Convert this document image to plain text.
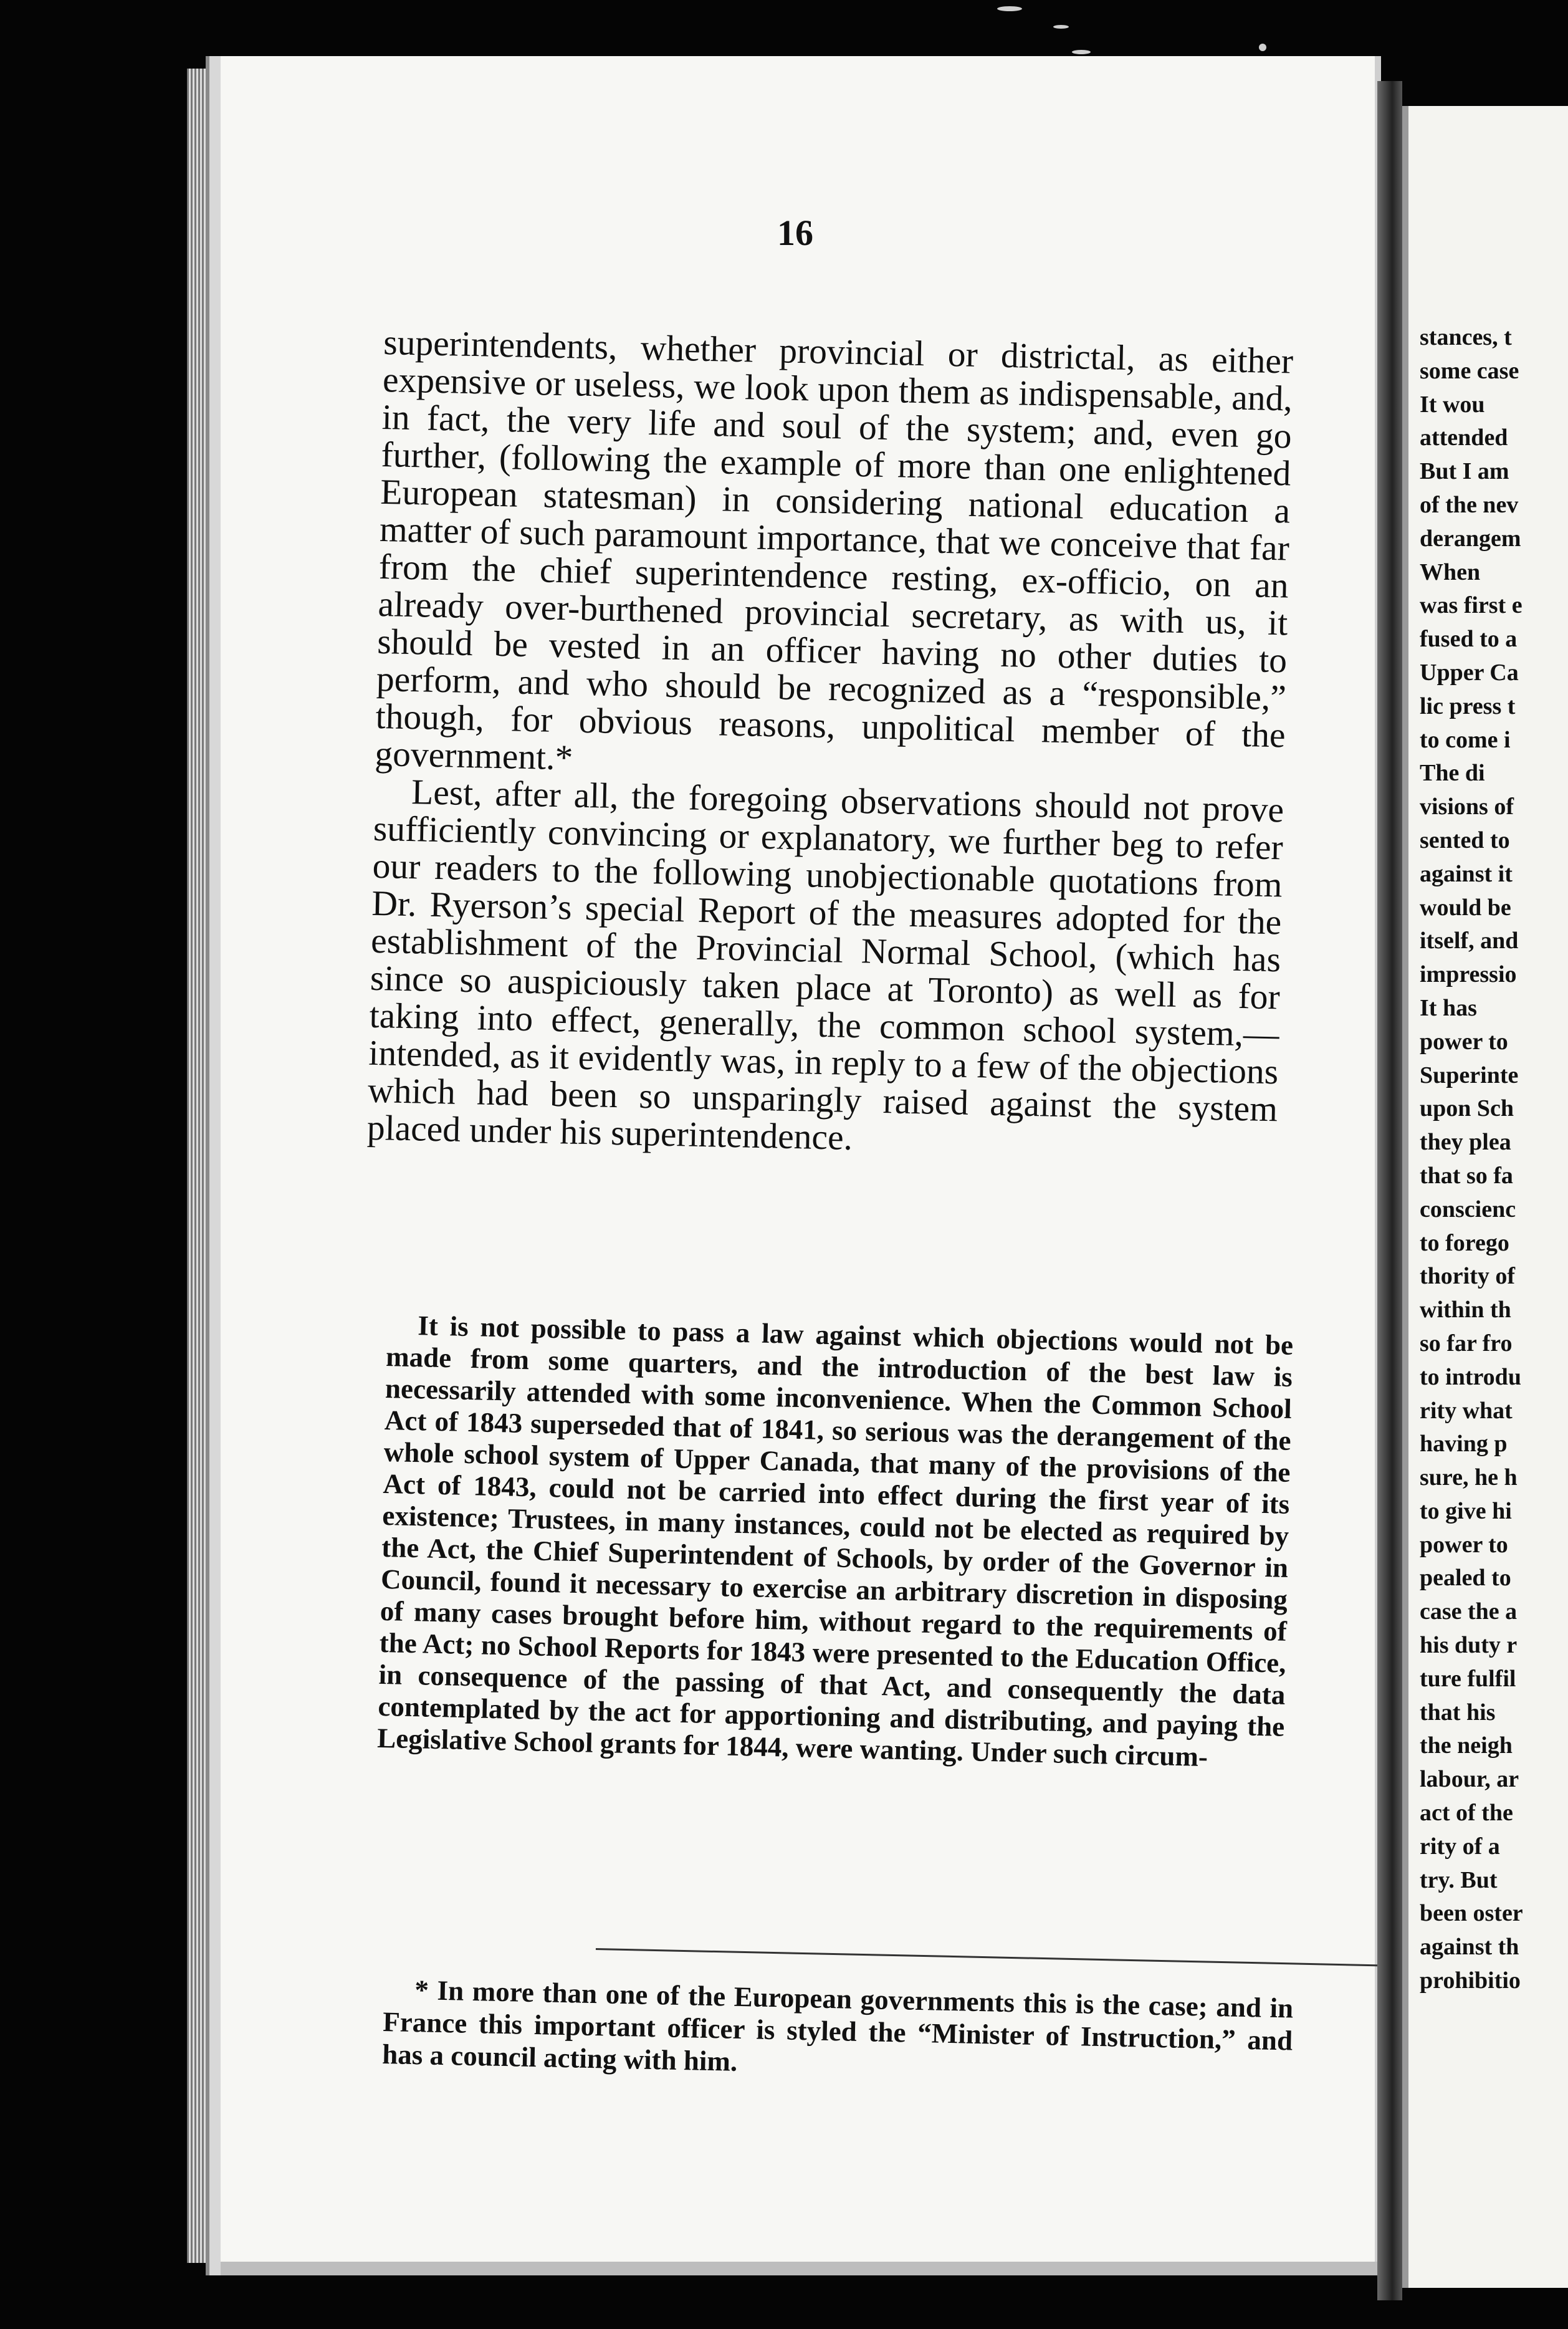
16

superintendents, whether provincial or districtal, as either expensive or useless, we look upon them as indispensable, and, in fact, the very life and soul of the system; and, even go further, (following the example of more than one enlightened European statesman) in considering national education a matter of such paramount importance, that we conceive that far from the chief superintendence resting, ex-officio, on an already over-burthened provincial secretary, as with us, it should be vested in an officer having no other duties to perform, and who should be recognized as a “responsible,” though, for obvious reasons, unpolitical member of the government.*

Lest, after all, the foregoing observations should not prove sufficiently convincing or explanatory, we further beg to refer our readers to the following unobjectionable quotations from Dr. Ryerson’s special Report of the measures adopted for the establishment of the Provincial Normal School, (which has since so auspiciously taken place at Toronto) as well as for taking into effect, generally, the common school system,—intended, as it evidently was, in reply to a few of the objections which had been so unsparingly raised against the system placed under his superintendence.

It is not possible to pass a law against which objections would not be made from some quarters, and the introduction of the best law is necessarily attended with some inconvenience. When the Common School Act of 1843 superseded that of 1841, so serious was the derangement of the whole school system of Upper Canada, that many of the provisions of the Act of 1843, could not be carried into effect during the first year of its existence; Trustees, in many instances, could not be elected as required by the Act, the Chief Superintendent of Schools, by order of the Governor in Council, found it necessary to exercise an arbitrary discretion in disposing of many cases brought before him, without regard to the requirements of the Act; no School Reports for 1843 were presented to the Education Office, in consequence of the passing of that Act, and consequently the data contemplated by the act for apportioning and distributing, and paying the Legislative School grants for 1844, were wanting. Under such circum-

* In more than one of the European governments this is the case; and in France this important officer is styled the “Minister of Instruction,” and has a council acting with him.

stances, t
some case
It wou
attended
But I am
of the nev
derangem
When
was first e
fused to a
Upper Ca
lic press t
to come i
The di
visions of
sented to
against it
would be
itself, and
impressio
It has
power to
Superinte
upon Sch
they plea
that so fa
conscienc
to forego
thority of
within th
so far fro
to introdu
rity what
having p
sure, he h
to give hi
power to
pealed to
case the a
his duty r
ture fulfil
that his
the neigh
labour, ar
act of the
rity of a
try. But
been oster
against th
prohibitio
